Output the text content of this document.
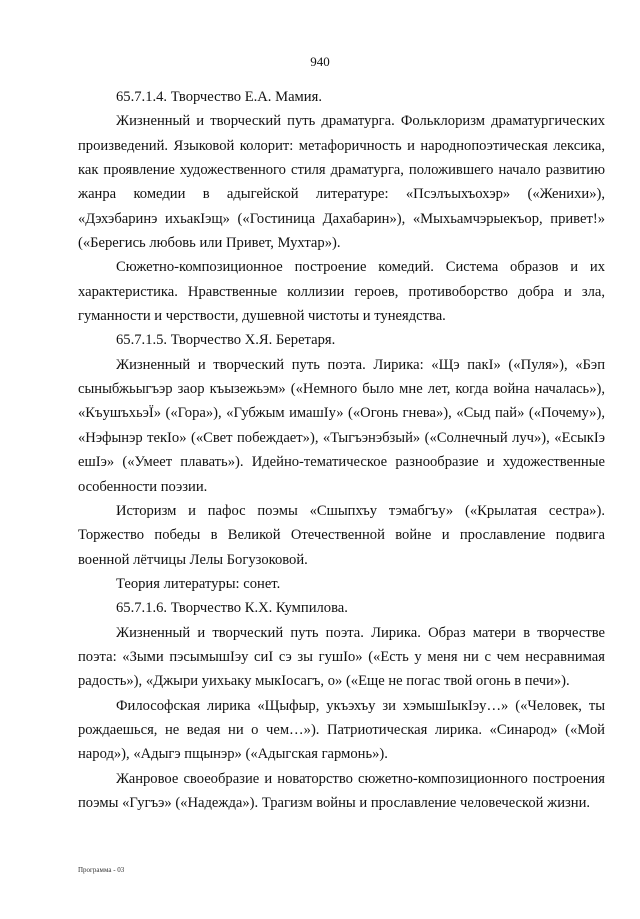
940

65.7.1.4. Творчество Е.А. Мамия.

Жизненный и творческий путь драматурга. Фольклоризм драматургических произведений. Языковой колорит: метафоричность и народнопоэтическая лексика, как проявление художественного стиля драматурга, положившего начало развитию жанра комедии в адыгейской литературе: «Псэлъыхъохэр» («Женихи»), «Дэхэбаринэ ихьакІэщ» («Гостиница Дахабарин»), «Мыхьамчэрыекъор, привет!» («Берегись любовь или Привет, Мухтар»).

Сюжетно-композиционное построение комедий. Система образов и их характеристика. Нравственные коллизии героев, противоборство добра и зла, гуманности и черствости, душевной чистоты и тунеядства.

65.7.1.5. Творчество Х.Я. Беретаря.

Жизненный и творческий путь поэта. Лирика: «Щэ пакІ» («Пуля»), «Бэп сыныбжьыгъэр заор къызежьэм» («Немного было мне лет, когда война началась»), «КъушъхьэЇ» («Гора»), «Губжым имашІу» («Огонь гнева»), «Сыд пай» («Почему»), «Нэфынэр текІо» («Свет побеждает»), «Тыгъэнэбзый» («Солнечный луч»), «ЕсыкІэ ешІэ» («Умеет плавать»). Идейно-тематическое разнообразие и художественные особенности поэзии.

Историзм и пафос поэмы «Сшыпхъу тэмабгъу» («Крылатая сестра»). Торжество победы в Великой Отечественной войне и прославление подвига военной лётчицы Лелы Богузоковой.

Теория литературы: сонет.

65.7.1.6. Творчество К.Х. Кумпилова.

Жизненный и творческий путь поэта. Лирика. Образ матери в творчестве поэта: «Зыми пэсымышІэу сиІ сэ зы гушІо» («Есть у меня ни с чем несравнимая радость»), «Джыри уихьаку мыкІосагъ, о» («Еще не погас твой огонь в печи»).

Философская лирика «Щыфыр, укъэхъу зи хэмышІыкІэу…» («Человек, ты рождаешься, не ведая ни о чем…»). Патриотическая лирика. «Синарод» («Мой народ»), «Адыгэ пщынэр» («Адыгская гармонь»).

Жанровое своеобразие и новаторство сюжетно-композиционного построения поэмы «Гугъэ» («Надежда»). Трагизм войны и прославление человеческой жизни.

Программа - 03
